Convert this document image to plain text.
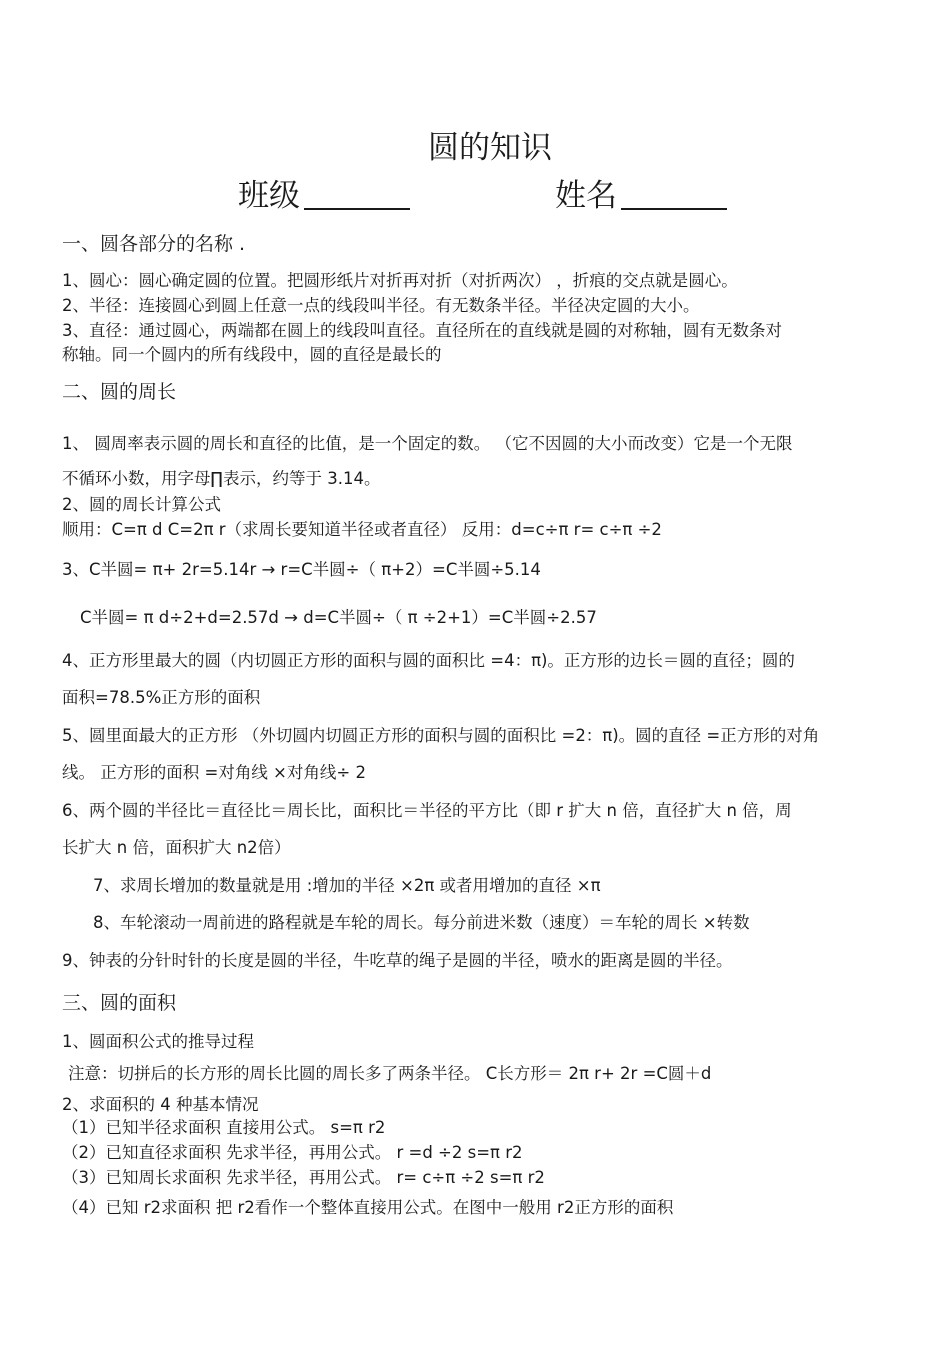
圆的知识
班级	姓名
一、圆各部分的名称 .
1、圆心：圆心确定圆的位置。把圆形纸片对折再对折（对折两次） ，折痕的交点就是圆心。
2、半径：连接圆心到圆上任意一点的线段叫半径。有无数条半径。半径决定圆的大小。
3、直径：通过圆心，两端都在圆上的线段叫直径。直径所在的直线就是圆的对称轴，圆有无数条对
称轴。同一个圆内的所有线段中，圆的直径是最长的
二、圆的周长
1、 圆周率表示圆的周长和直径的比值，是一个固定的数。 （它不因圆的大小而改变）它是一个无限
不循环小数，用字母∏表示，约等于 3.14。
2、圆的周长计算公式
顺用：C=π d C=2π r（求周长要知道半径或者直径） 反用：d=c÷π r= c÷π ÷2
3、C半圆= π+ 2r=5.14r → r=C半圆÷（ π+2）=C半圆÷5.14
C半圆= π d÷2+d=2.57d → d=C半圆÷（ π ÷2+1）=C半圆÷2.57
4、正方形里最大的圆（内切圆正方形的面积与圆的面积比 =4：π)。正方形的边长＝圆的直径；圆的
面积=78.5%正方形的面积
5、圆里面最大的正方形 （外切圆内切圆正方形的面积与圆的面积比 =2：π)。圆的直径 =正方形的对角
线。 正方形的面积 =对角线 ×对角线÷ 2
6、两个圆的半径比＝直径比＝周长比，面积比＝半径的平方比（即 r 扩大 n 倍，直径扩大 n 倍，周
长扩大 n 倍，面积扩大 n2倍）
7、求周长增加的数量就是用 :增加的半径 ×2π 或者用增加的直径 ×π
8、车轮滚动一周前进的路程就是车轮的周长。每分前进米数（速度）＝车轮的周长 ×转数
9、钟表的分针时针的长度是圆的半径，牛吃草的绳子是圆的半径，喷水的距离是圆的半径。
三、圆的面积
1、圆面积公式的推导过程
注意：切拼后的长方形的周长比圆的周长多了两条半径。 C长方形＝ 2π r+ 2r =C圆＋d
2、求面积的 4 种基本情况
（1）已知半径求面积 直接用公式。 s=π r2
（2）已知直径求面积 先求半径，再用公式。 r =d ÷2 s=π r2
（3）已知周长求面积 先求半径，再用公式。 r= c÷π ÷2 s=π r2
（4）已知 r2求面积 把 r2看作一个整体直接用公式。在图中一般用 r2正方形的面积
